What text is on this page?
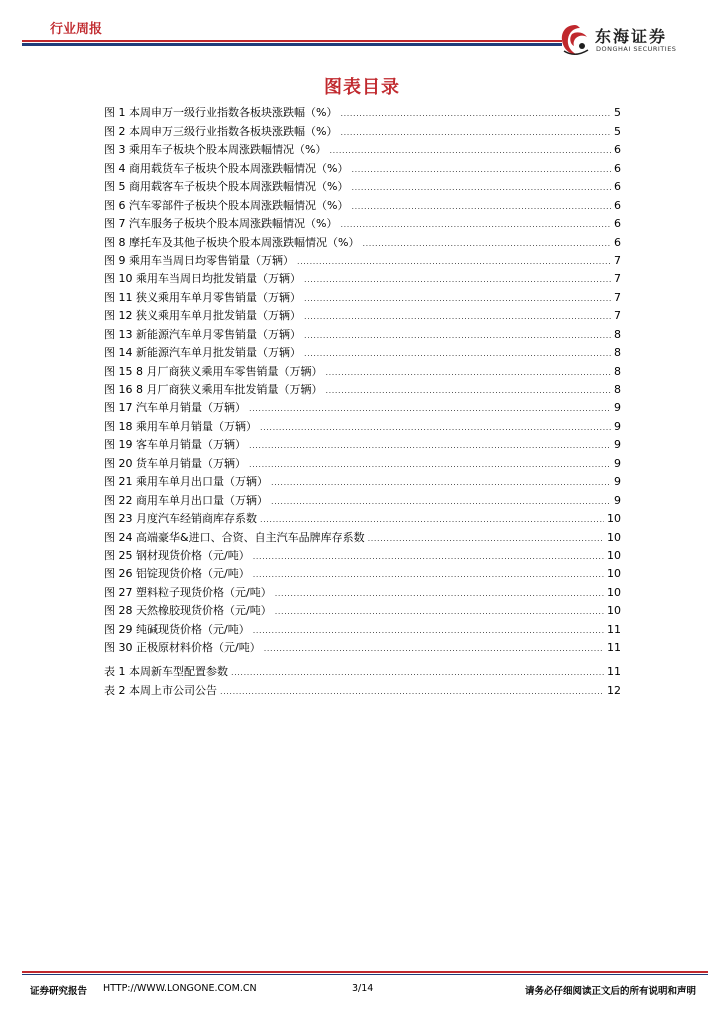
行业周报	东海证券
DONGHAI SECURITIES
图表目录
图 1 本周申万一级行业指数各板块涨跌幅（%） .....	5
图 2 本周申万三级行业指数各板块涨跌幅（%） .....	5
图 3 乘用车子板块个股本周涨跌幅情况（%） .....	6
图 4 商用载货车子板块个股本周涨跌幅情况（%） .....	6
图 5 商用载客车子板块个股本周涨跌幅情况（%） .....	6
图 6 汽车零部件子板块个股本周涨跌幅情况（%） .....	6
图 7 汽车服务子板块个股本周涨跌幅情况（%） .....	6
图 8 摩托车及其他子板块个股本周涨跌幅情况（%） .....	6
图 9 乘用车当周日均零售销量（万辆） .....	7
图 10 乘用车当周日均批发销量（万辆） .....	7
图 11 狭义乘用车单月零售销量（万辆） .....	7
图 12 狭义乘用车单月批发销量（万辆） .....	7
图 13 新能源汽车单月零售销量（万辆） .....	8
图 14 新能源汽车单月批发销量（万辆） .....	8
图 15 8 月厂商狭义乘用车零售销量（万辆） .....	8
图 16 8 月厂商狭义乘用车批发销量（万辆） .....	8
图 17 汽车单月销量（万辆） .....	9
图 18 乘用车单月销量（万辆） .....	9
图 19 客车单月销量（万辆） .....	9
图 20 货车单月销量（万辆） .....	9
图 21 乘用车单月出口量（万辆） .....	9
图 22 商用车单月出口量（万辆） .....	9
图 23 月度汽车经销商库存系数 .....	10
图 24 高端豪华&进口、合资、自主汽车品牌库存系数 .....	10
图 25 钢材现货价格（元/吨） .....	10
图 26 铝锭现货价格（元/吨） .....	10
图 27 塑料粒子现货价格（元/吨） .....	10
图 28 天然橡胶现货价格（元/吨） .....	10
图 29 纯碱现货价格（元/吨） .....	11
图 30 正极原材料价格（元/吨） .....	11
表 1 本周新车型配置参数 .....	11
表 2 本周上市公司公告 .....	12
证券研究报告 HTTP://WWW.LONGONE.COM.CN	3/14	请务必仔细阅读正文后的所有说明和声明
